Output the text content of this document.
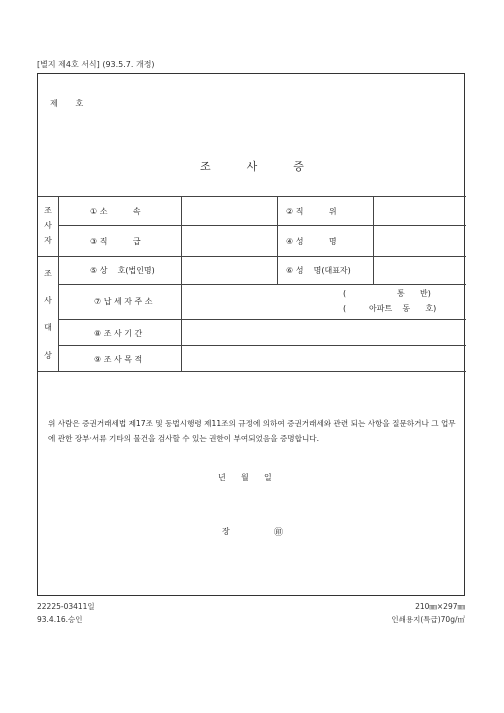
[별지 제4호 서식] (93.5.7. 개정)
제       호
조사증
조
사
자
① 소          속	② 직          위
③ 직          급	④ 성          명
조
사
대
상
⑤ 상    호(법인명)	⑥ 성    명(대표자)
⑦ 납 세 자 주 소
(                    통      반)
(         아파트    동      호)
⑧ 조 사 기 간
⑨ 조 사 목 적
위 사람은 증권거래세법 제17조 및 동법시행령 제11조의 규정에 의하여 증권거래세와 관련 되는 사항을 질문하거나 그 업무에 관한 장부·서류 기타의 물건을 검사할 수 있는 권한이 부여되었음을 증명합니다.
년      월      일
장	㊞
22225-03411일
93.4.16.승인
210㎜×297㎜
인쇄용지(특급)70g/㎡
